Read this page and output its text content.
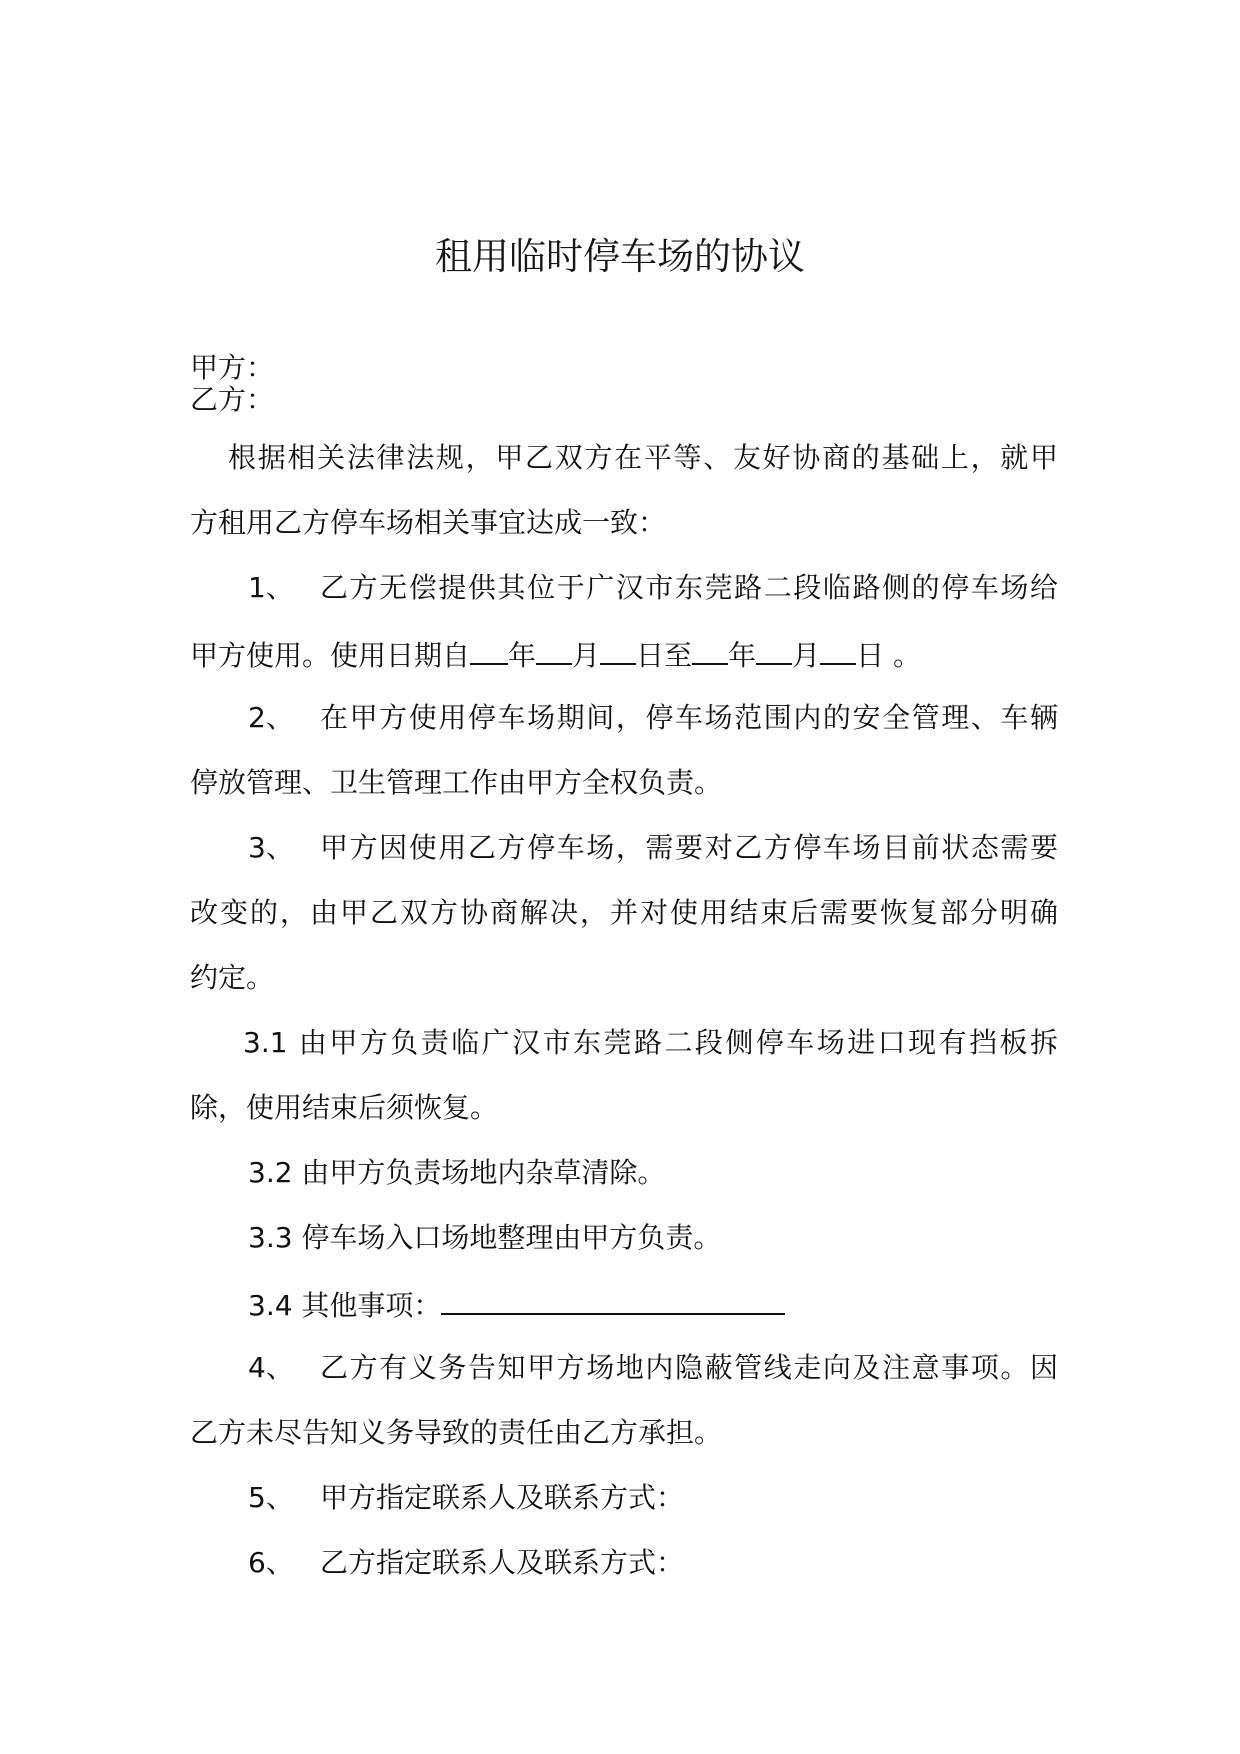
租用临时停车场的协议
甲方：
乙方：
根据相关法律法规，甲乙双方在平等、友好协商的基础上，就甲
方租用乙方停车场相关事宜达成一致：
1、 乙方无偿提供其位于广汉市东莞路二段临路侧的停车场给
甲方使用。使用日期自 年 月 日至 年 月 日 。
2、 在甲方使用停车场期间，停车场范围内的安全管理、车辆
停放管理、卫生管理工作由甲方全权负责。
3、 甲方因使用乙方停车场，需要对乙方停车场目前状态需要
改变的，由甲乙双方协商解决，并对使用结束后需要恢复部分明确
约定。
3.1 由甲方负责临广汉市东莞路二段侧停车场进口现有挡板拆
除，使用结束后须恢复。
3.2 由甲方负责场地内杂草清除。
3.3 停车场入口场地整理由甲方负责。
3.4 其他事项：
4、 乙方有义务告知甲方场地内隐蔽管线走向及注意事项。因
乙方未尽告知义务导致的责任由乙方承担。
5、 甲方指定联系人及联系方式：
6、 乙方指定联系人及联系方式：
